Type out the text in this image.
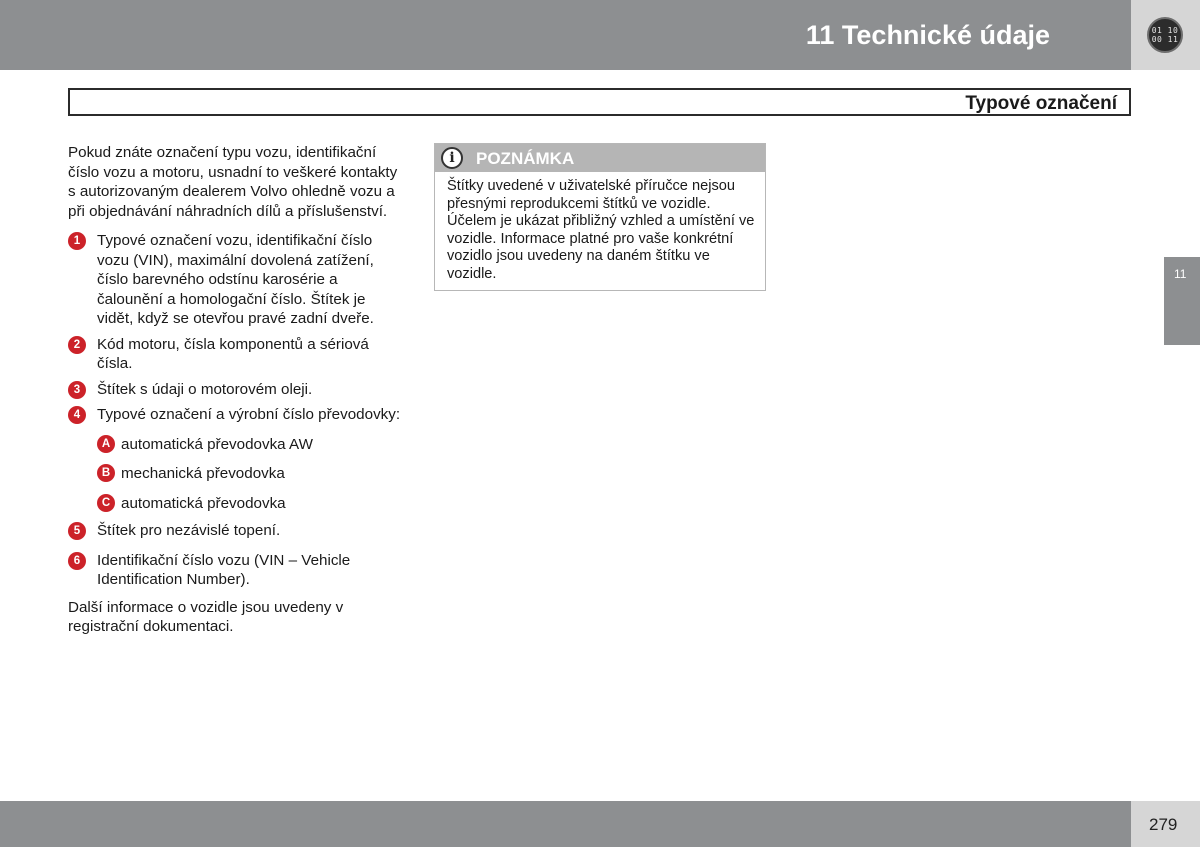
11 Technické údaje	01 10
00 11
Typové označení

Pokud znáte označení typu vozu, identifikační číslo vozu a motoru, usnadní to veškeré kontakty s autorizovaným dealerem Volvo ohledně vozu a při objednávání náhradních dílů a příslušenství.

1	Typové označení vozu, identifikační číslo vozu (VIN), maximální dovolená zatížení, číslo barevného odstínu karosérie a čalounění a homologační číslo. Štítek je vidět, když se otevřou pravé zadní dveře.
2	Kód motoru, čísla komponentů a sériová čísla.
3	Štítek s údaji o motorovém oleji.
4	Typové označení a výrobní číslo převodovky:
A automatická převodovka AW
B mechanická převodovka
C automatická převodovka
5	Štítek pro nezávislé topení.
6	Identifikační číslo vozu (VIN – Vehicle Identification Number).

Další informace o vozidle jsou uvedeny v registrační dokumentaci.

i	POZNÁMKA

Štítky uvedené v uživatelské příručce nejsou přesnými reprodukcemi štítků ve vozidle. Účelem je ukázat přibližný vzhled a umístění ve vozidle. Informace platné pro vaše konkrétní vozidlo jsou uvedeny na daném štítku ve vozidle.	11
279
